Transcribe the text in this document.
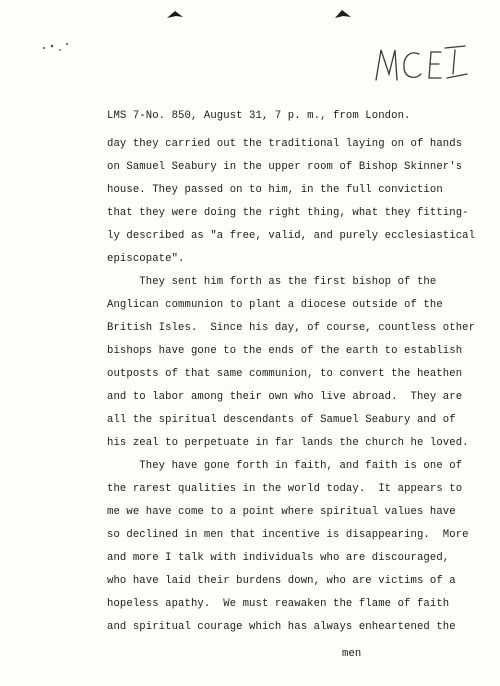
LMS 7-No. 850, August 31, 7 p. m., from London.
day they carried out the traditional laying on of hands
on Samuel Seabury in the upper room of Bishop Skinner's
house. They passed on to him, in the full conviction
that they were doing the right thing, what they fitting-
ly described as "a free, valid, and purely ecclesiastical
episcopate".
They sent him forth as the first bishop of the
Anglican communion to plant a diocese outside of the
British Isles.  Since his day, of course, countless other
bishops have gone to the ends of the earth to establish
outposts of that same communion, to convert the heathen
and to labor among their own who live abroad.  They are
all the spiritual descendants of Samuel Seabury and of
his zeal to perpetuate in far lands the church he loved.
They have gone forth in faith, and faith is one of
the rarest qualities in the world today.  It appears to
me we have come to a point where spiritual values have
so declined in men that incentive is disappearing.  More
and more I talk with individuals who are discouraged,
who have laid their burdens down, who are victims of a
hopeless apathy.  We must reawaken the flame of faith
and spiritual courage which has always enheartened the
men
